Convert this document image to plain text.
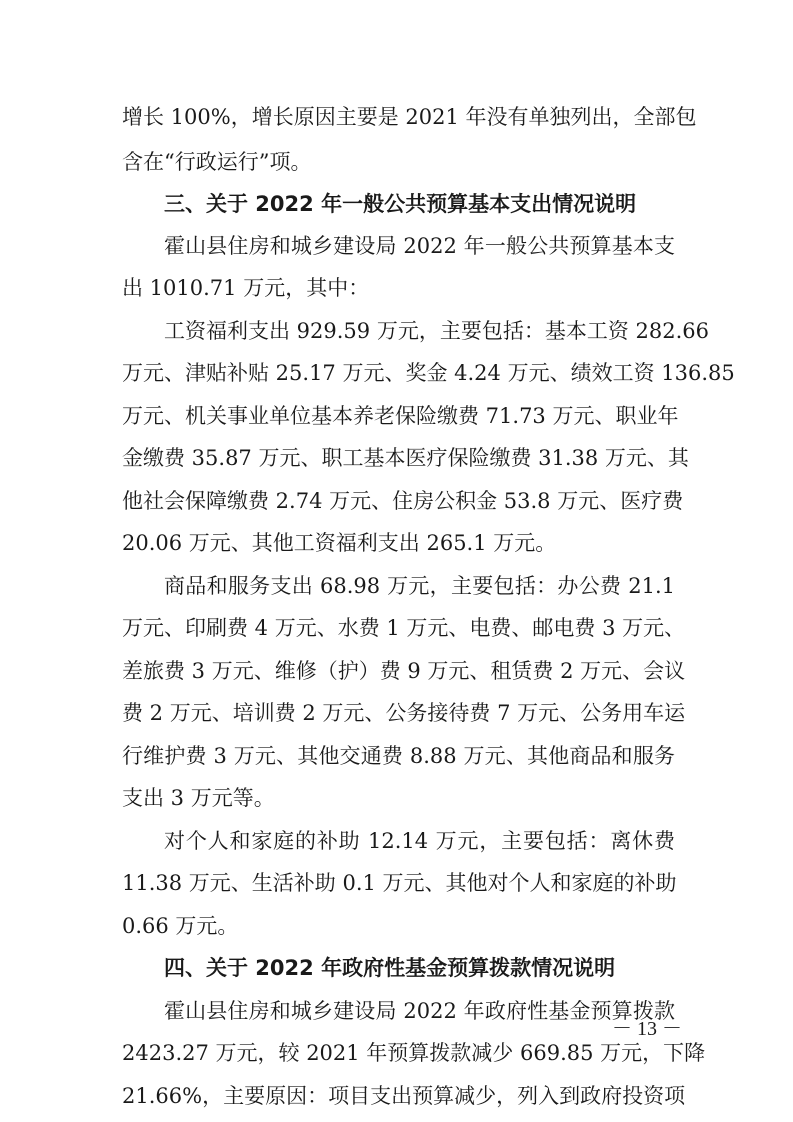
增长 100%，增长原因主要是 2021 年没有单独列出，全部包
含在“行政运行”项。
三、关于 2022 年一般公共预算基本支出情况说明
霍山县住房和城乡建设局 2022 年一般公共预算基本支
出 1010.71 万元，其中：
工资福利支出 929.59 万元，主要包括：基本工资 282.66
万元、津贴补贴 25.17 万元、奖金 4.24 万元、绩效工资 136.85
万元、机关事业单位基本养老保险缴费 71.73 万元、职业年
金缴费 35.87 万元、职工基本医疗保险缴费 31.38 万元、其
他社会保障缴费 2.74 万元、住房公积金 53.8 万元、医疗费
20.06 万元、其他工资福利支出 265.1 万元。
商品和服务支出 68.98 万元，主要包括：办公费 21.1
万元、印刷费 4 万元、水费 1 万元、电费、邮电费 3 万元、
差旅费 3 万元、维修（护）费 9 万元、租赁费 2 万元、会议
费 2 万元、培训费 2 万元、公务接待费 7 万元、公务用车运
行维护费 3 万元、其他交通费 8.88 万元、其他商品和服务
支出 3 万元等。
对个人和家庭的补助 12.14 万元，主要包括：离休费
11.38 万元、生活补助 0.1 万元、其他对个人和家庭的补助
0.66 万元。
四、关于 2022 年政府性基金预算拨款情况说明
霍山县住房和城乡建设局 2022 年政府性基金预算拨款
2423.27 万元，较 2021 年预算拨款减少 669.85 万元，下降
21.66%，主要原因：项目支出预算减少，列入到政府投资项
－ 13 －
